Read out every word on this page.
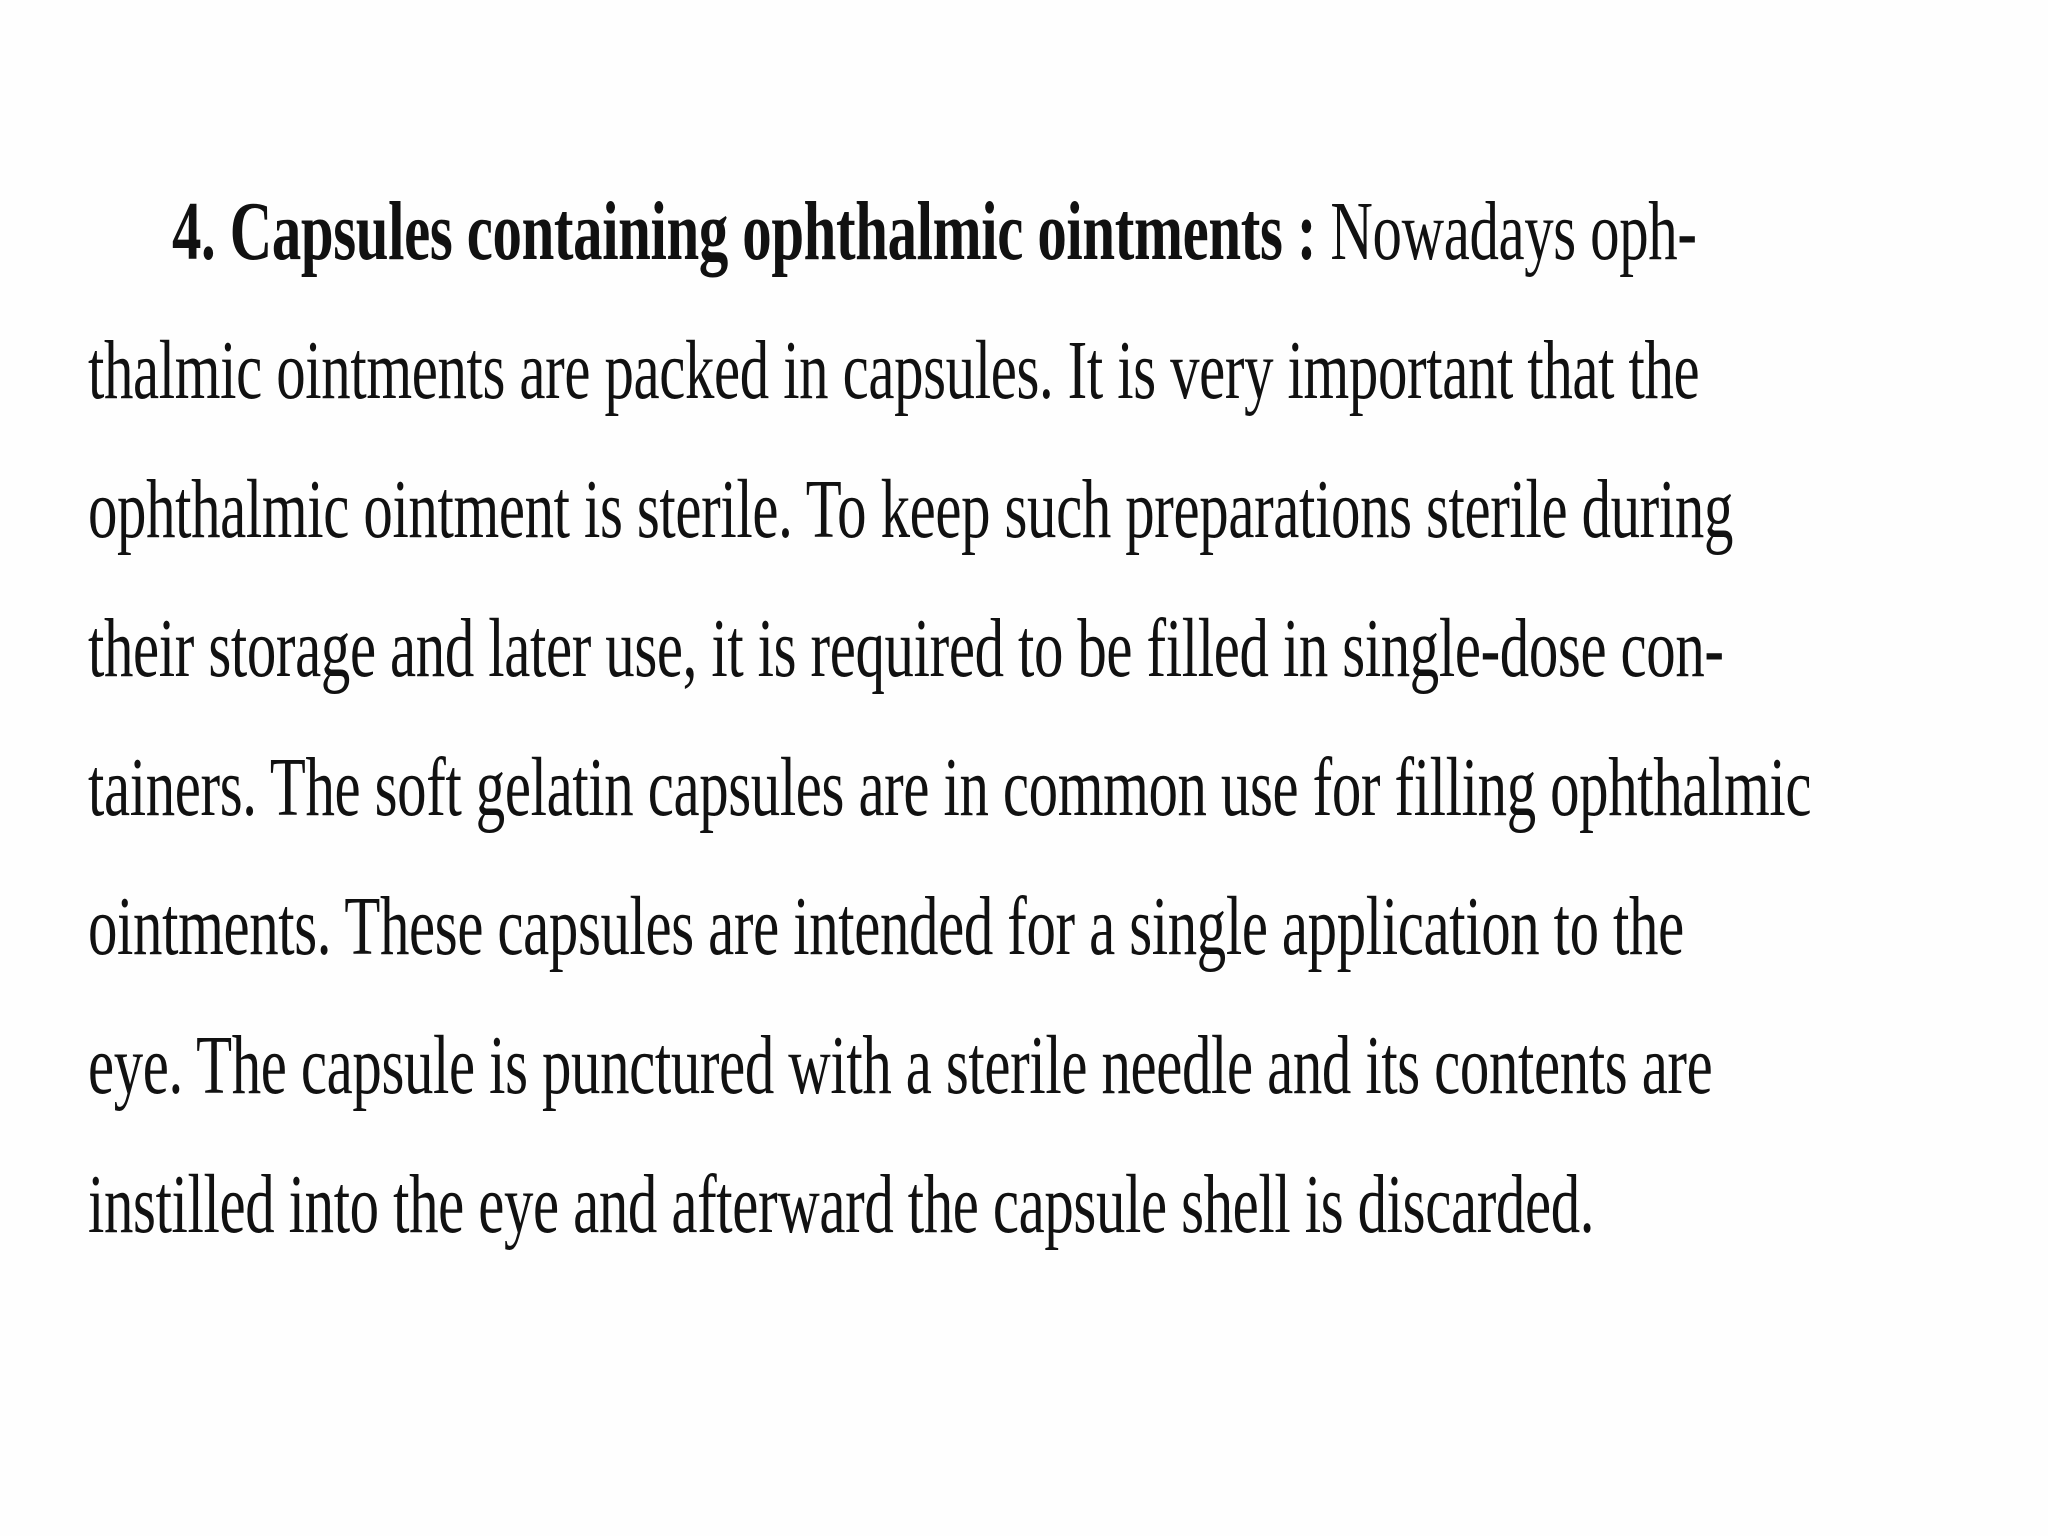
4. Capsules containing ophthalmic ointments : Nowadays oph-
thalmic ointments are packed in capsules. It is very important that the
ophthalmic ointment is sterile. To keep such preparations sterile during
their storage and later use, it is required to be filled in single-dose con-
tainers. The soft gelatin capsules are in common use for filling ophthalmic
ointments. These capsules are intended for a single application to the
eye. The capsule is punctured with a sterile needle and its contents are
instilled into the eye and afterward the capsule shell is discarded.
